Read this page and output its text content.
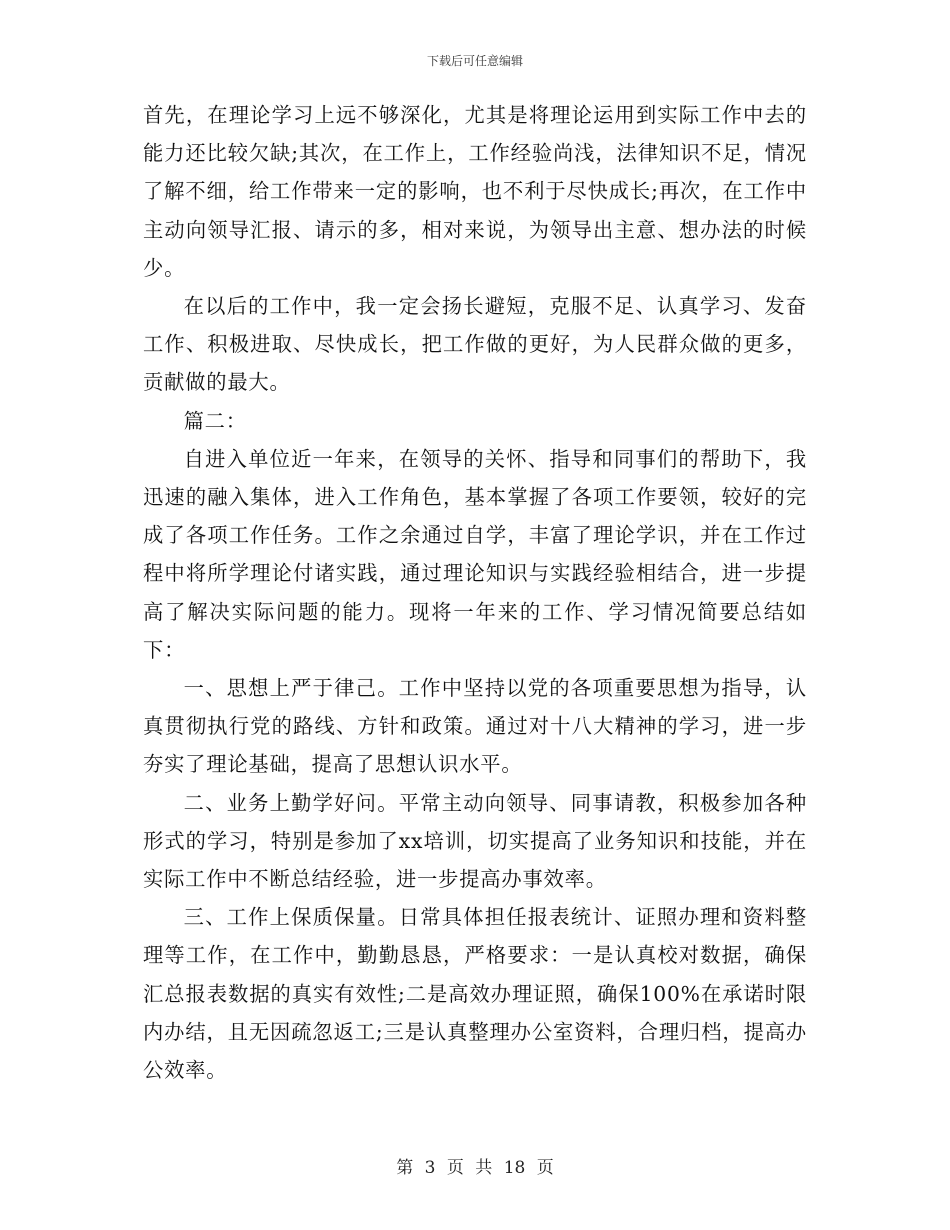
下载后可任意编辑

首先，在理论学习上远不够深化，尤其是将理论运用到实际工作中去的能力还比较欠缺;其次，在工作上，工作经验尚浅，法律知识不足，情况了解不细，给工作带来一定的影响，也不利于尽快成长;再次，在工作中主动向领导汇报、请示的多，相对来说，为领导出主意、想办法的时候少。

在以后的工作中，我一定会扬长避短，克服不足、认真学习、发奋工作、积极进取、尽快成长，把工作做的更好，为人民群众做的更多，贡献做的最大。

篇二：

自进入单位近一年来，在领导的关怀、指导和同事们的帮助下，我迅速的融入集体，进入工作角色，基本掌握了各项工作要领，较好的完成了各项工作任务。工作之余通过自学，丰富了理论学识，并在工作过程中将所学理论付诸实践，通过理论知识与实践经验相结合，进一步提高了解决实际问题的能力。现将一年来的工作、学习情况简要总结如下：

一、思想上严于律己。工作中坚持以党的各项重要思想为指导，认真贯彻执行党的路线、方针和政策。通过对十八大精神的学习，进一步夯实了理论基础，提高了思想认识水平。

二、业务上勤学好问。平常主动向领导、同事请教，积极参加各种形式的学习，特别是参加了xx培训，切实提高了业务知识和技能，并在实际工作中不断总结经验，进一步提高办事效率。

三、工作上保质保量。日常具体担任报表统计、证照办理和资料整理等工作，在工作中，勤勤恳恳，严格要求：一是认真校对数据，确保汇总报表数据的真实有效性;二是高效办理证照，确保100%在承诺时限内办结，且无因疏忽返工;三是认真整理办公室资料，合理归档，提高办公效率。

第 3 页 共 18 页
